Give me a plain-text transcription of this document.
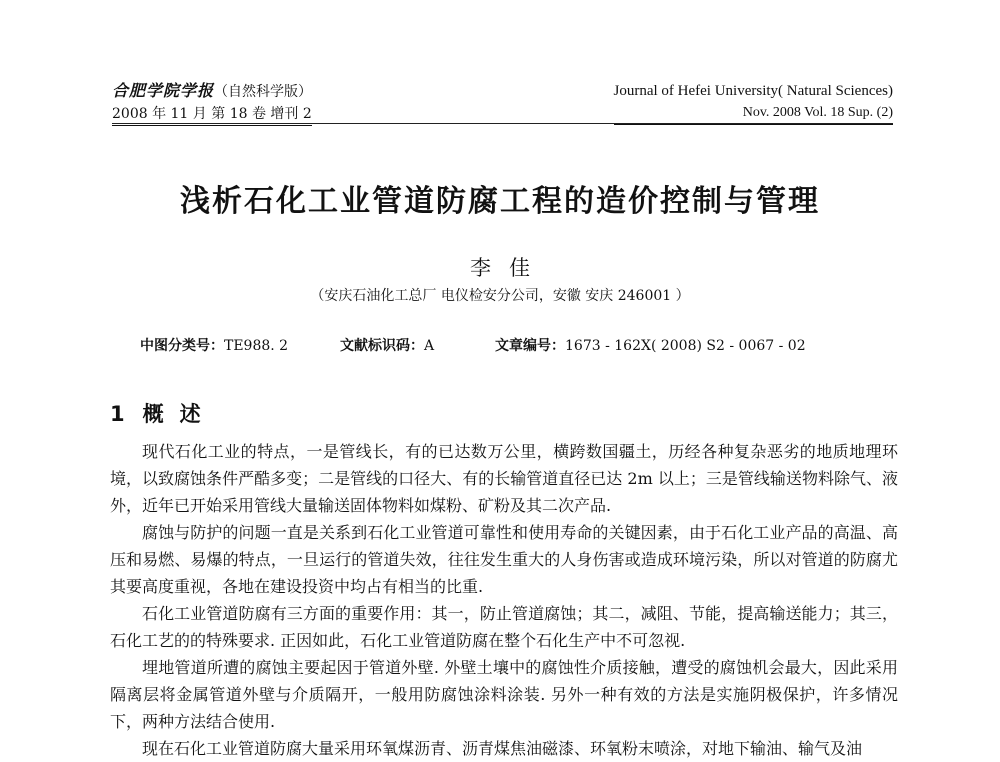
合肥学院学报（自然科学版）
2008 年 11 月 第 18 卷 增刊 2
Journal of Hefei University( Natural Sciences)
Nov. 2008 Vol. 18 Sup. (2)
浅析石化工业管道防腐工程的造价控制与管理
李佳
（安庆石油化工总厂 电仪检安分公司，安徽 安庆 246001 ）
中图分类号：TE988. 2	文献标识码：A	文章编号：1673 - 162X( 2008) S2 - 0067 - 02
1 概述

现代石化工业的特点，一是管线长，有的已达数万公里，横跨数国疆土，历经各种复杂恶劣的地质地理环境，以致腐蚀条件严酷多变；二是管线的口径大、有的长输管道直径已达 2m 以上；三是管线输送物料除气、液外，近年已开始采用管线大量输送固体物料如煤粉、矿粉及其二次产品.

腐蚀与防护的问题一直是关系到石化工业管道可靠性和使用寿命的关键因素，由于石化工业产品的高温、高压和易燃、易爆的特点，一旦运行的管道失效，往往发生重大的人身伤害或造成环境污染，所以对管道的防腐尤其要高度重视，各地在建设投资中均占有相当的比重.

石化工业管道防腐有三方面的重要作用：其一，防止管道腐蚀；其二，减阻、节能，提高输送能力；其三，石化工艺的的特殊要求. 正因如此，石化工业管道防腐在整个石化生产中不可忽视.

埋地管道所遭的腐蚀主要起因于管道外壁. 外壁土壤中的腐蚀性介质接触，遭受的腐蚀机会最大，因此采用隔离层将金属管道外壁与介质隔开，一般用防腐蚀涂料涂装. 另外一种有效的方法是实施阴极保护，许多情况下，两种方法结合使用.

现在石化工业管道防腐大量采用环氧煤沥青、沥青煤焦油磁漆、环氧粉末喷涂，对地下输油、输气及油
